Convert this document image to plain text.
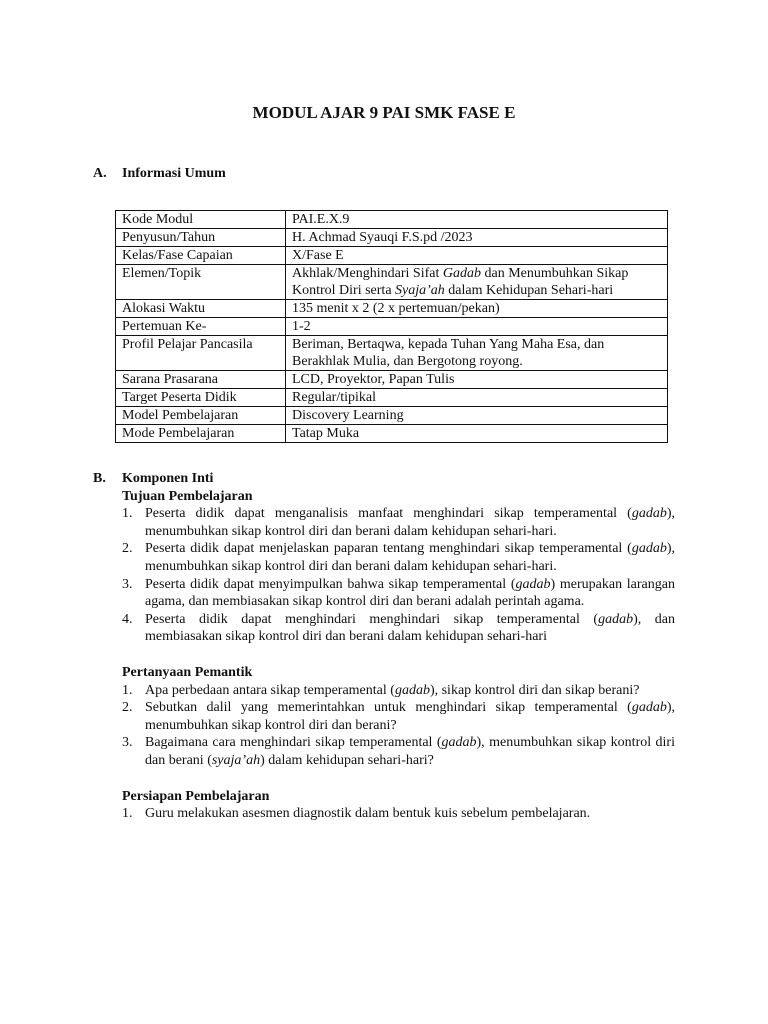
MODUL AJAR 9 PAI SMK FASE E
A. Informasi Umum
Kode Modul	PAI.E.X.9
Penyusun/Tahun	H. Achmad Syauqi F.S.pd /2023
Kelas/Fase Capaian	X/Fase E
Elemen/Topik	Akhlak/Menghindari Sifat Gadab dan Menumbuhkan Sikap Kontrol Diri serta Syaja’ah dalam Kehidupan Sehari-hari
Alokasi Waktu	135 menit x 2 (2 x pertemuan/pekan)
Pertemuan Ke-	1-2
Profil Pelajar Pancasila	Beriman, Bertaqwa, kepada Tuhan Yang Maha Esa, dan Berakhlak Mulia, dan Bergotong royong.
Sarana Prasarana	LCD, Proyektor, Papan Tulis
Target Peserta Didik	Regular/tipikal
Model Pembelajaran	Discovery Learning
Mode Pembelajaran	Tatap Muka
B. Komponen Inti
Tujuan Pembelajaran
1. Peserta didik dapat menganalisis manfaat menghindari sikap temperamental (gadab), menumbuhkan sikap kontrol diri dan berani dalam kehidupan sehari-hari.
2. Peserta didik dapat menjelaskan paparan tentang menghindari sikap temperamental (gadab), menumbuhkan sikap kontrol diri dan berani dalam kehidupan sehari-hari.
3. Peserta didik dapat menyimpulkan bahwa sikap temperamental (gadab) merupakan larangan agama, dan membiasakan sikap kontrol diri dan berani adalah perintah agama.
4. Peserta didik dapat menghindari menghindari sikap temperamental (gadab), dan membiasakan sikap kontrol diri dan berani dalam kehidupan sehari-hari
Pertanyaan Pemantik
1. Apa perbedaan antara sikap temperamental (gadab), sikap kontrol diri dan sikap berani?
2. Sebutkan dalil yang memerintahkan untuk menghindari sikap temperamental (gadab), menumbuhkan sikap kontrol diri dan berani?
3. Bagaimana cara menghindari sikap temperamental (gadab), menumbuhkan sikap kontrol diri dan berani (syaja’ah) dalam kehidupan sehari-hari?
Persiapan Pembelajaran
1. Guru melakukan asesmen diagnostik dalam bentuk kuis sebelum pembelajaran.
